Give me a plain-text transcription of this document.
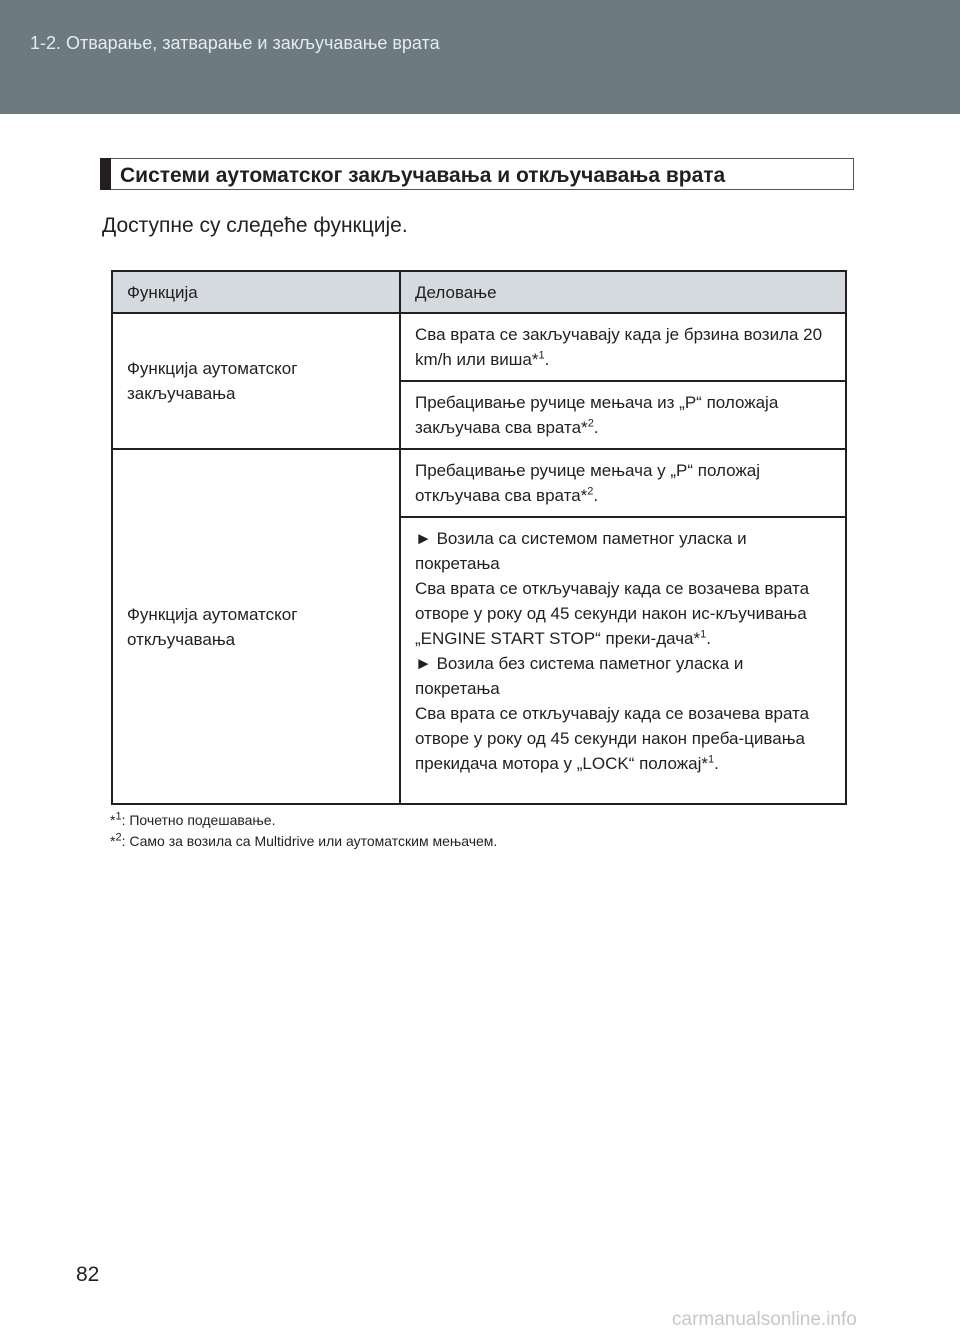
1-2. Отварање, затварање и закључавање врата
Системи аутоматског закључавања и откључавања врата
Доступне су следеће функције.
Функција	Деловање
Функција аутоматског
закључавања	Сва врата се закључавају када је брзина возила 20 km/h или виша*$^1$.
	Пребацивање ручице мењача из „P“ положаја закључава сва врата*$^2$.
Функција аутоматског
откључавања	Пребацивање ручице мењача у „P“ положај откључава сва врата*$^2$.

	► Возила са системом паметног уласка и покретања
Сва врата се откључавају када се возачева врата отворе у року од 45 секунди након ис-кључивања „ENGINE START STOP“ преки-дача*$^1$.
► Возила без система паметног уласка и покретања
Сва врата се откључавају када се возачева врата отворе у року од 45 секунди након преба-цивања прекидача мотора у „LOCK“ положај*$^1$.
*$^1$: Почетно подешавање.
*$^2$: Само за возила са Multidrive или аутоматским мењачем.
82
carmanualsonline.info
